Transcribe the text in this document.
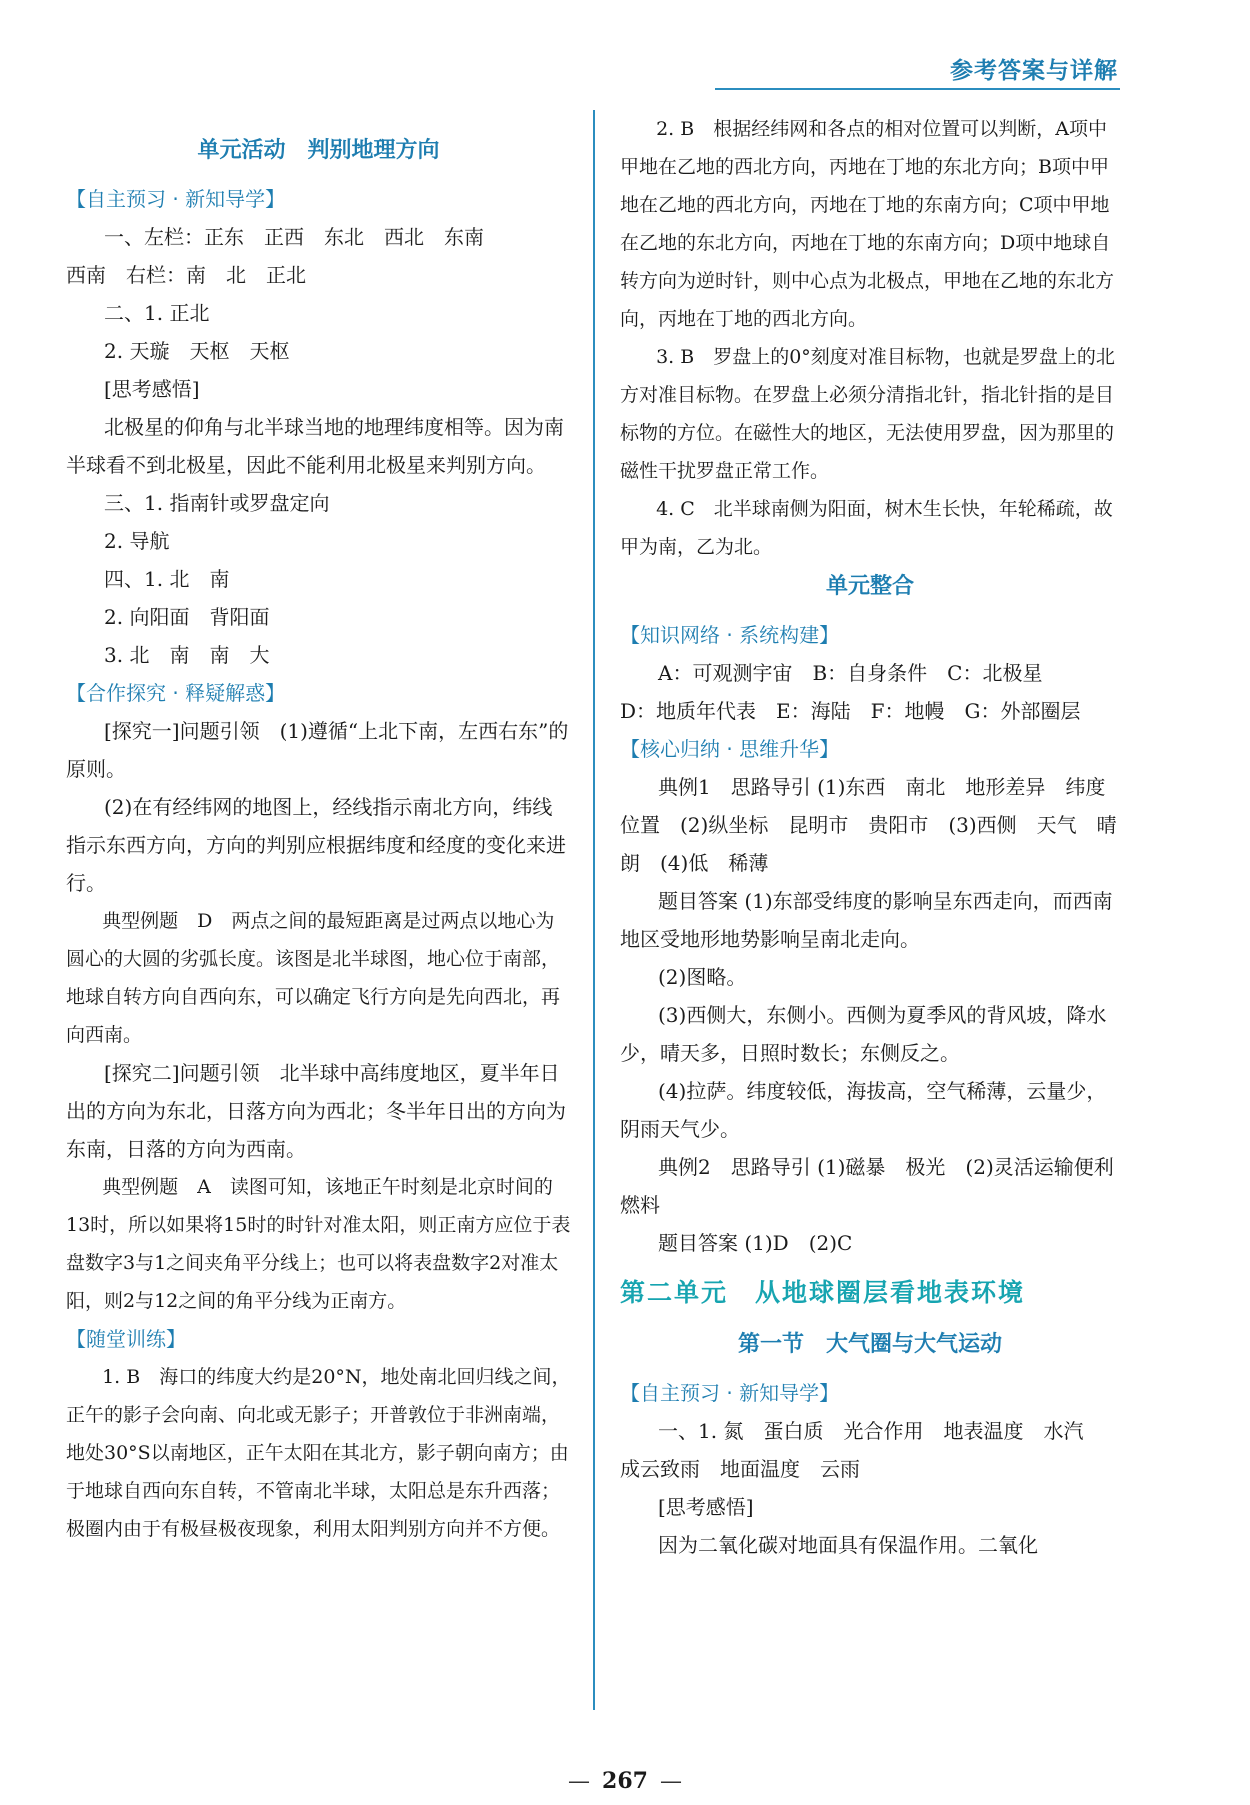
参考答案与详解

单元活动　判别地理方向

【自主预习 · 新知导学】

一、左栏：正东　正西　东北　西北　东南

西南　右栏：南　北　正北

二、1. 正北

2. 天璇　天枢　天枢

[思考感悟]

北极星的仰角与北半球当地的地理纬度相等。因为南半球看不到北极星，因此不能利用北极星来判别方向。

三、1. 指南针或罗盘定向

2. 导航

四、1. 北　南

2. 向阳面　背阳面

3. 北　南　南　大

【合作探究 · 释疑解惑】

[探究一]问题引领　(1)遵循“上北下南，左西右东”的原则。

(2)在有经纬网的地图上，经线指示南北方向，纬线指示东西方向，方向的判别应根据纬度和经度的变化来进行。

典型例题　D　两点之间的最短距离是过两点以地心为圆心的大圆的劣弧长度。该图是北半球图，地心位于南部，地球自转方向自西向东，可以确定飞行方向是先向西北，再向西南。

[探究二]问题引领　北半球中高纬度地区，夏半年日出的方向为东北，日落方向为西北；冬半年日出的方向为东南，日落的方向为西南。

典型例题　A　读图可知，该地正午时刻是北京时间的13时，所以如果将15时的时针对准太阳，则正南方应位于表盘数字3与1之间夹角平分线上；也可以将表盘数字2对准太阳，则2与12之间的角平分线为正南方。

【随堂训练】

1. B　海口的纬度大约是20°N，地处南北回归线之间，正午的影子会向南、向北或无影子；开普敦位于非洲南端，地处30°S以南地区，正午太阳在其北方，影子朝向南方；由于地球自西向东自转，不管南北半球，太阳总是东升西落；极圈内由于有极昼极夜现象，利用太阳判别方向并不方便。

2. B　根据经纬网和各点的相对位置可以判断，A项中甲地在乙地的西北方向，丙地在丁地的东北方向；B项中甲地在乙地的西北方向，丙地在丁地的东南方向；C项中甲地在乙地的东北方向，丙地在丁地的东南方向；D项中地球自转方向为逆时针，则中心点为北极点，甲地在乙地的东北方向，丙地在丁地的西北方向。

3. B　罗盘上的0°刻度对准目标物，也就是罗盘上的北方对准目标物。在罗盘上必须分清指北针，指北针指的是目标物的方位。在磁性大的地区，无法使用罗盘，因为那里的磁性干扰罗盘正常工作。

4. C　北半球南侧为阳面，树木生长快，年轮稀疏，故甲为南，乙为北。

单元整合

【知识网络 · 系统构建】

A：可观测宇宙　B：自身条件　C：北极星

D：地质年代表　E：海陆　F：地幔　G：外部圈层

【核心归纳 · 思维升华】

典例1　思路导引 (1)东西　南北　地形差异　纬度位置　(2)纵坐标　昆明市　贵阳市　(3)西侧　天气　晴朗　(4)低　稀薄

题目答案 (1)东部受纬度的影响呈东西走向，而西南地区受地形地势影响呈南北走向。

(2)图略。

(3)西侧大，东侧小。西侧为夏季风的背风坡，降水少，晴天多，日照时数长；东侧反之。

(4)拉萨。纬度较低，海拔高，空气稀薄，云量少，阴雨天气少。

典例2　思路导引 (1)磁暴　极光　(2)灵活运输便利　燃料

题目答案 (1)D　(2)C

第二单元　从地球圈层看地表环境

第一节　大气圈与大气运动

【自主预习 · 新知导学】

一、1. 氮　蛋白质　光合作用　地表温度　水汽　成云致雨　地面温度　云雨

[思考感悟]

因为二氧化碳对地面具有保温作用。二氧化

— 267 —
